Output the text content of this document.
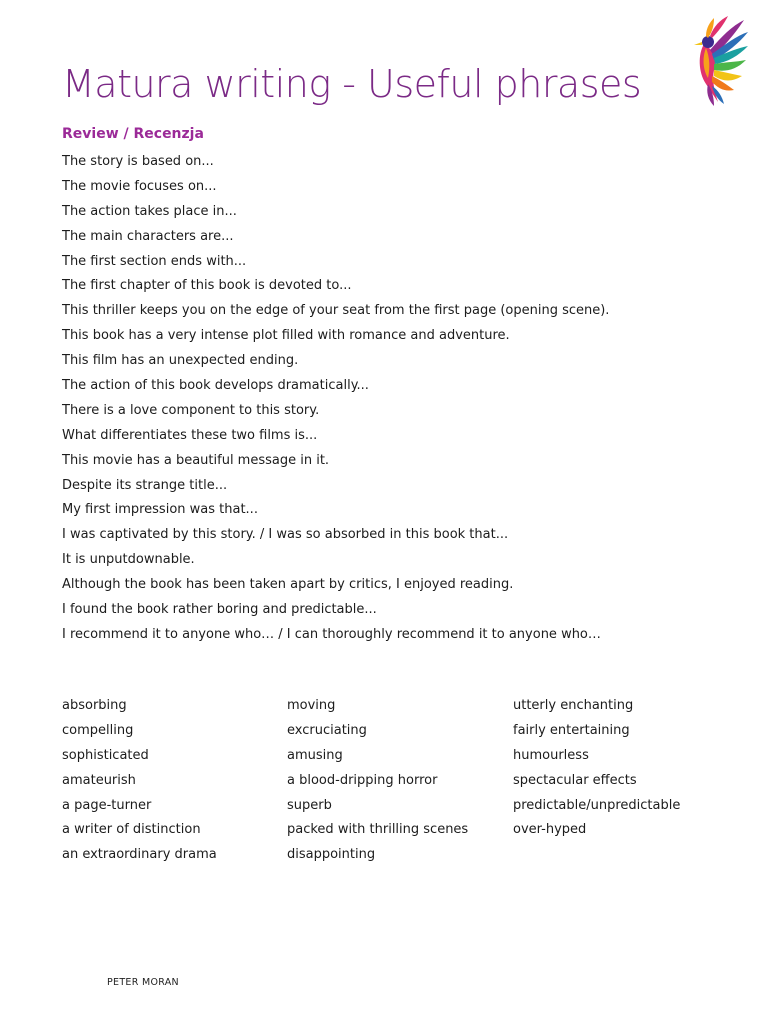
Matura writing - Useful phrases
Review / Recenzja
The story is based on...
The movie focuses on...
The action takes place in...
The main characters are...
The first section ends with...
The first chapter of this book is devoted to...
This thriller keeps you on the edge of your seat from the first page (opening scene).
This book has a very intense plot filled with romance and adventure.
This film has an unexpected ending.
The action of this book develops dramatically...
There is a love component to this story.
What differentiates these two films is...
This movie has a beautiful message in it.
Despite its strange title...
My first impression was that...
I was captivated by this story. / I was so absorbed in this book that...
It is unputdownable.
Although the book has been taken apart by critics, I enjoyed reading.
I found the book rather boring and predictable...
I recommend it to anyone who… / I can thoroughly recommend it to anyone who…
absorbing
compelling
sophisticated
amateurish
a page-turner
a writer of distinction
an extraordinary drama
moving
excruciating
amusing
a blood-dripping horror
superb
packed with thrilling scenes
disappointing
utterly enchanting
fairly entertaining
humourless
spectacular effects
predictable/unpredictable
over-hyped
PETER MORAN
